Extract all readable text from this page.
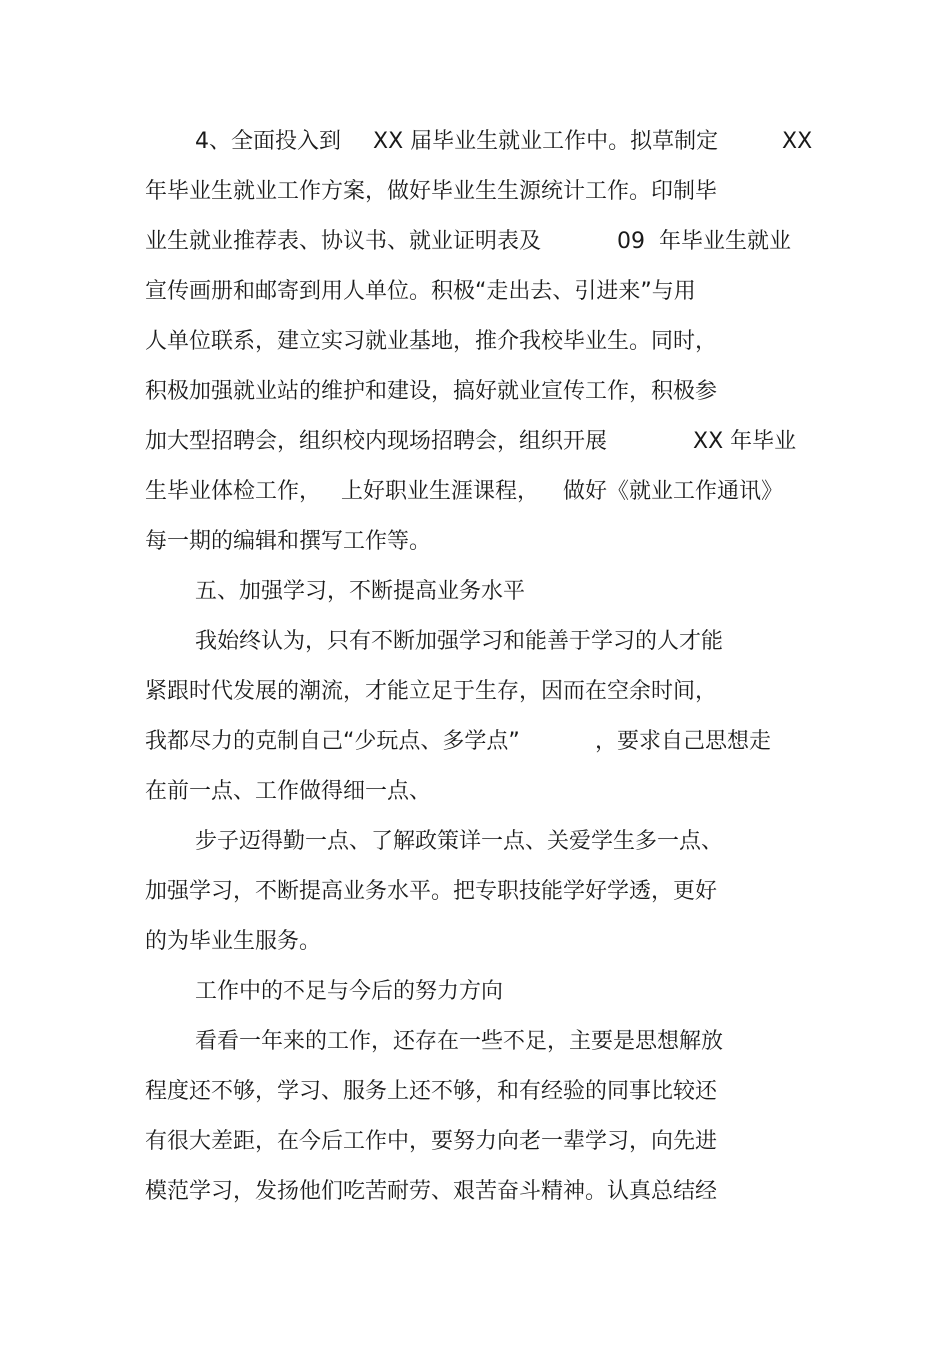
4、全面投入到

XX 届毕业生就业工作中。拟草制定

	XX

年毕业生就业工作方案，做好毕业生生源统计工作。印制毕

业生就业推荐表、协议书、就业证明表及

	09  年毕业生就业

宣传画册和邮寄到用人单位。积极“走出去、引进来”与用

人单位联系，建立实习就业基地，推介我校毕业生。同时，

积极加强就业站的维护和建设，搞好就业宣传工作，积极参

加大型招聘会，组织校内现场招聘会，组织开展

	XX 年毕业

生毕业体检工作，

上好职业生涯课程，

做好《就业工作通讯》

每一期的编辑和撰写工作等。

五、加强学习，不断提高业务水平

我始终认为，只有不断加强学习和能善于学习的人才能

紧跟时代发展的潮流，才能立足于生存，因而在空余时间，

我都尽力的克制自己“少玩点、多学点”

	，要求自己思想走

在前一点、工作做得细一点、

步子迈得勤一点、了解政策详一点、关爱学生多一点、

加强学习，不断提高业务水平。把专职技能学好学透，更好

的为毕业生服务。

工作中的不足与今后的努力方向

看看一年来的工作，还存在一些不足，主要是思想解放

程度还不够，学习、服务上还不够，和有经验的同事比较还

有很大差距，在今后工作中，要努力向老一辈学习，向先进

模范学习，发扬他们吃苦耐劳、艰苦奋斗精神。认真总结经
